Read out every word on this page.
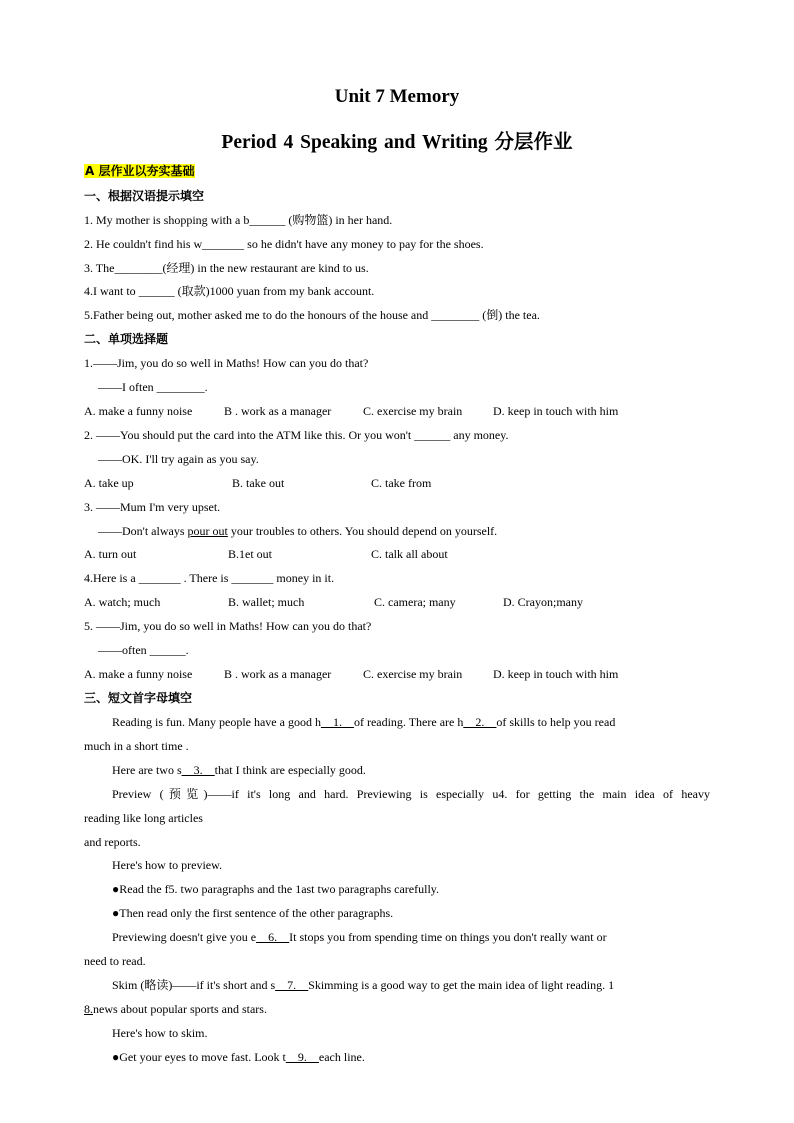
Unit 7 Memory
Period 4 Speaking and Writing 分层作业
A 层作业以夯实基础
一、根据汉语提示填空
1. My mother is shopping with a b______ (购物篮) in her hand.
2. He couldn't find his w_______ so he didn't have any money to pay for the shoes.
3. The________(经理) in the new restaurant are kind to us.
4.I want to ______ (取款)1000 yuan from my bank account.
5.Father being out, mother asked me to do the honours of the house and ________ (倒) the tea.
二、单项选择题
1.——Jim, you do so well in Maths! How can you do that?
——I often ________.
A. make a funny noise	B . work as a manager	C. exercise my brain	D. keep in touch with him
2. ——You should put the card into the ATM like this. Or you won't ______ any money.
——OK. I'll try again as you say.
A. take up	B. take out	C. take from
3. ——Mum I'm very upset.
——Don't always pour out your troubles to others. You should depend on yourself.
A. turn out	B.1et out	C. talk all about
4.Here is a _______ . There is _______ money in it.
A. watch; much	B. wallet; much	C. camera; many	D. Crayon;many
5. ——Jim, you do so well in Maths! How can you do that?
——often ______.
A. make a funny noise	B . work as a manager	C. exercise my brain	D. keep in touch with him
三、短文首字母填空
Reading is fun. Many people have a good h__1.__of reading. There are h__2.__of skills to help you read
much in a short time .
Here are two s__3.__that I think are especially good.
Preview (预览)——if it's long and hard. Previewing is especially u4. for getting the main idea of heavy
reading like long articles
and reports.
Here's how to preview.
●Read the f5. two paragraphs and the 1ast two paragraphs carefully.
●Then read only the first sentence of the other paragraphs.
Previewing doesn't give you e__6.__It stops you from spending time on things you don't really want or
need to read.
Skim (略读)——if it's short and s__7.__Skimming is a good way to get the main idea of light reading. 1
8.news about popular sports and stars.
Here's how to skim.
●Get your eyes to move fast. Look t__9.__each line.
